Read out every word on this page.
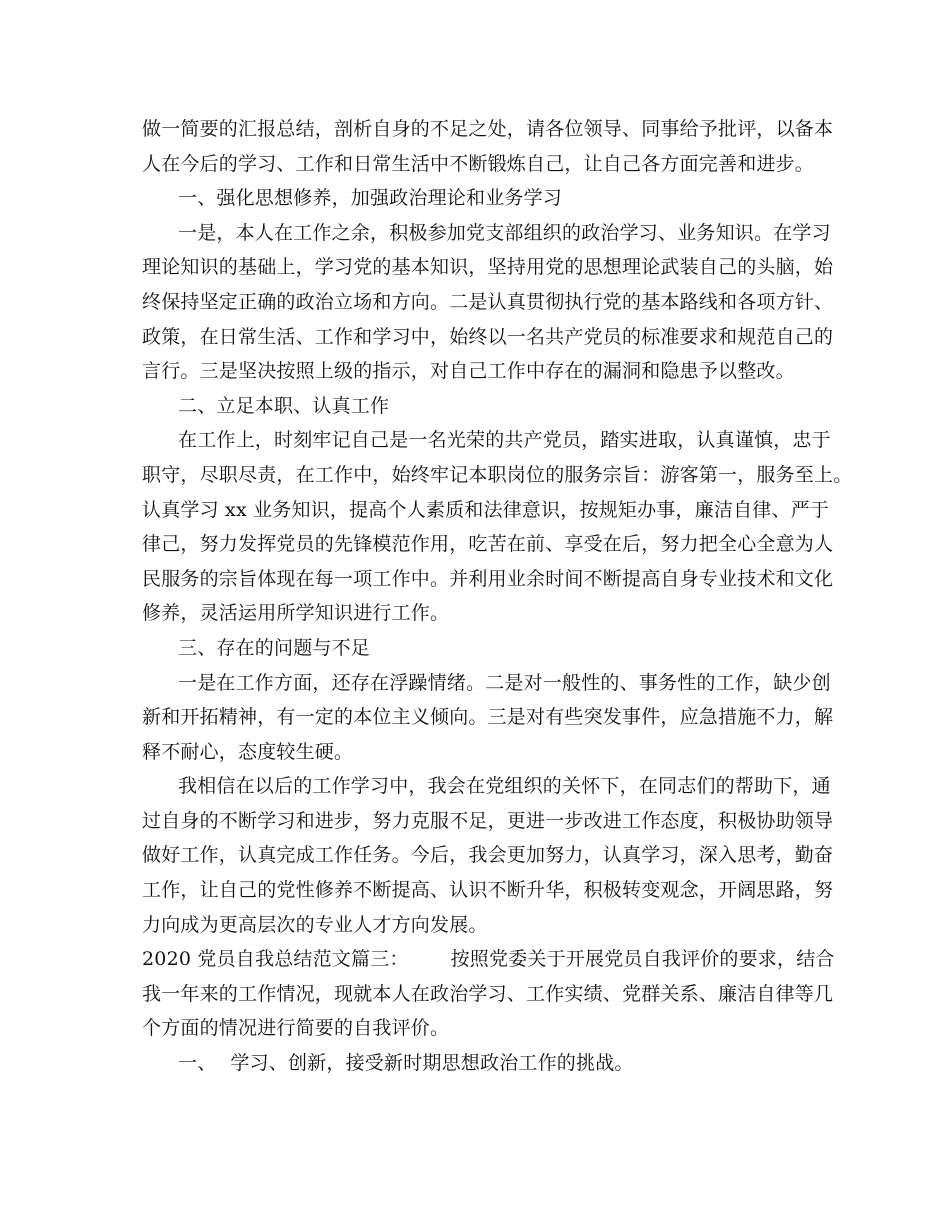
做一简要的汇报总结，剖析自身的不足之处，请各位领导、同事给予批评，以备本
人在今后的学习、工作和日常生活中不断锻炼自己，让自己各方面完善和进步。
一、强化思想修养，加强政治理论和业务学习
一是，本人在工作之余，积极参加党支部组织的政治学习、业务知识。在学习
理论知识的基础上，学习党的基本知识，坚持用党的思想理论武装自己的头脑，始
终保持坚定正确的政治立场和方向。二是认真贯彻执行党的基本路线和各项方针、
政策，在日常生活、工作和学习中，始终以一名共产党员的标准要求和规范自己的
言行。三是坚决按照上级的指示，对自己工作中存在的漏洞和隐患予以整改。
二、立足本职、认真工作
在工作上，时刻牢记自己是一名光荣的共产党员，踏实进取，认真谨慎，忠于
职守，尽职尽责，在工作中，始终牢记本职岗位的服务宗旨：游客第一，服务至上。
认真学习 xx 业务知识，提高个人素质和法律意识，按规矩办事，廉洁自律、严于
律己，努力发挥党员的先锋模范作用，吃苦在前、享受在后，努力把全心全意为人
民服务的宗旨体现在每一项工作中。并利用业余时间不断提高自身专业技术和文化
修养，灵活运用所学知识进行工作。
三、存在的问题与不足
一是在工作方面，还存在浮躁情绪。二是对一般性的、事务性的工作，缺少创
新和开拓精神，有一定的本位主义倾向。三是对有些突发事件，应急措施不力，解
释不耐心，态度较生硬。
我相信在以后的工作学习中，我会在党组织的关怀下，在同志们的帮助下，通
过自身的不断学习和进步，努力克服不足，更进一步改进工作态度，积极协助领导
做好工作，认真完成工作任务。今后，我会更加努力，认真学习，深入思考，勤奋
工作，让自己的党性修养不断提高、认识不断升华，积极转变观念，开阔思路，努
力向成为更高层次的专业人才方向发展。
2020 党员自我总结范文篇三： 按照党委关于开展党员自我评价的要求，结合
我一年来的工作情况，现就本人在政治学习、工作实绩、党群关系、廉洁自律等几
个方面的情况进行简要的自我评价。
一、 学习、创新，接受新时期思想政治工作的挑战。
